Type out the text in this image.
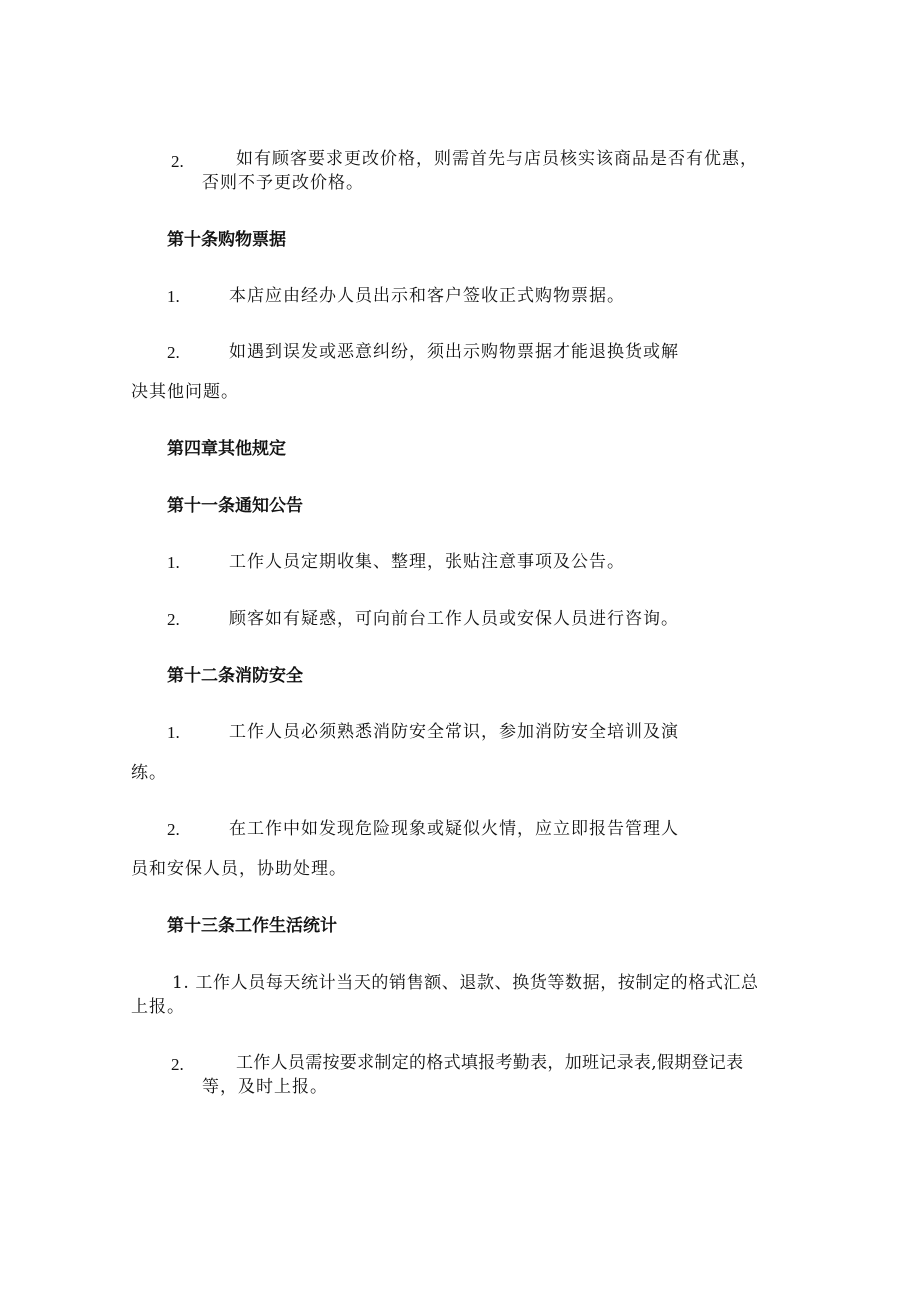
2.	如有顾客要求更改价格，则需首先与店员核实该商品是否有优惠，
否则不予更改价格。
第十条购物票据
1.	本店应由经办人员出示和客户签收正式购物票据。
2.	如遇到误发或恶意纠纷，须出示购物票据才能退换货或解
决其他问题。
第四章其他规定
第十一条通知公告
1.	工作人员定期收集、整理，张贴注意事项及公告。
2.	顾客如有疑惑，可向前台工作人员或安保人员进行咨询。
第十二条消防安全
1.	工作人员必须熟悉消防安全常识，参加消防安全培训及演
练。
2.	在工作中如发现危险现象或疑似火情，应立即报告管理人
员和安保人员，协助处理。
第十三条工作生活统计
1. 工作人员每天统计当天的销售额、退款、换货等数据，按制定的格式汇总
上报。
2.	工作人员需按要求制定的格式填报考勤表，加班记录表,假期登记表
等，及时上报。
